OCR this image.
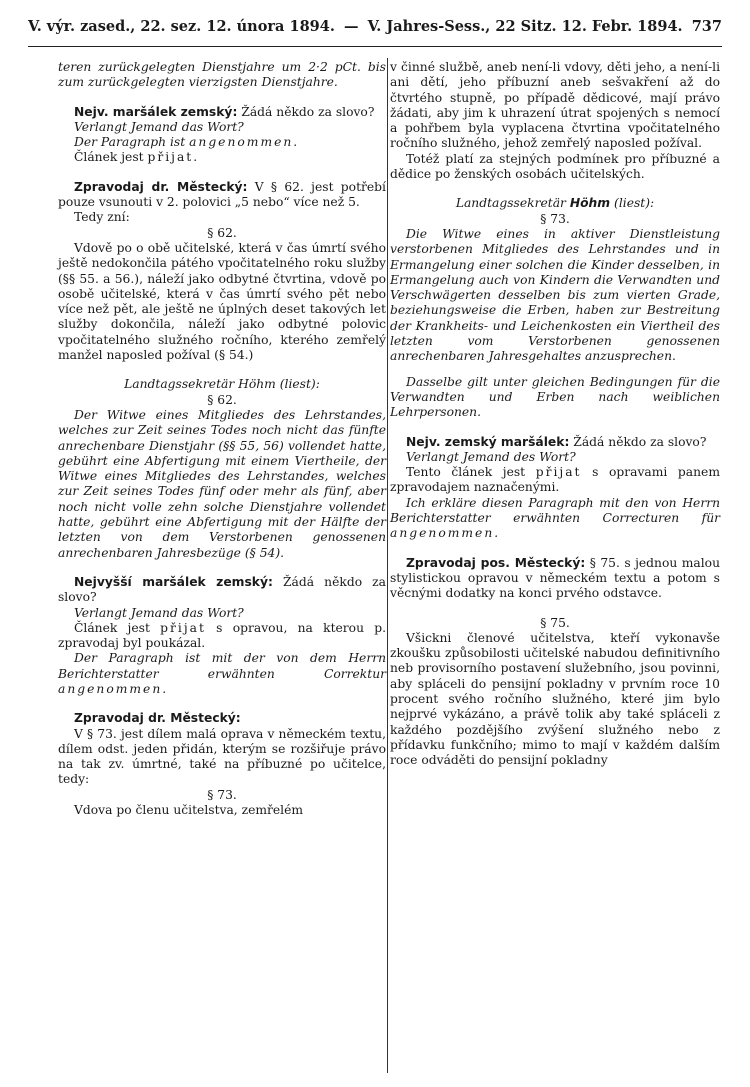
V. výr. zased., 22. sez. 12. února 1894. — V. Jahres-Sess., 22 Sitz. 12. Febr. 1894. 737

teren zurückgelegten Dienstjahre um 2·2 pCt. bis zum zurückgelegten vierzigsten Dienstjahre.

Nejv. maršálek zemský: Žádá někdo za slovo?

Verlangt Jemand das Wort?

Der Paragraph ist angenommen.

Článek jest přijat.

Zpravodaj dr. Městecký: V § 62. jest potřebí pouze vsunouti v 2. polovici „5 nebo“ více než 5.

Tedy zní:

§ 62.

Vdově po o obě učitelské, která v čas úmrtí svého ještě nedokončila pátého vpočitatelného roku služby (§§ 55. a 56.), náleží jako odbytné čtvrtina, vdově po osobě učitelské, která v čas úmrtí svého pět nebo více než pět, ale ještě ne úplných deset takových let služby dokončila, náleží jako odbytné polovic vpočitatelného služného ročního, kterého zemřelý manžel naposled požíval (§ 54.)

Landtagssekretär Höhm (liest):

§ 62.

Der Witwe eines Mitgliedes des Lehrstandes, welches zur Zeit seines Todes noch nicht das fünfte anrechenbare Dienstjahr (§§ 55, 56) vollendet hatte, gebührt eine Abfertigung mit einem Viertheile, der Witwe eines Mitgliedes des Lehrstandes, welches zur Zeit seines Todes fünf oder mehr als fünf, aber noch nicht volle zehn solche Dienstjahre vollendet hatte, gebührt eine Abfertigung mit der Hälfte der letzten von dem Verstorbenen genossenen anrechenbaren Jahresbezüge (§ 54).

Nejvyšší maršálek zemský: Žádá někdo za slovo?

Verlangt Jemand das Wort?

Článek jest přijat s opravou, na kterou p. zpravodaj byl poukázal.

Der Paragraph ist mit der von dem Herrn Berichterstatter erwähnten Correktur angenommen.

Zpravodaj dr. Městecký:

V § 73. jest dílem malá oprava v německém textu, dílem odst. jeden přidán, kterým se rozšiřuje právo na tak zv. úmrtné, také na příbuzné po učitelce, tedy:

§ 73.

Vdova po členu učitelstva, zemřelém

v činné službě, aneb není-li vdovy, děti jeho, a není-li ani dětí, jeho příbuzní aneb sešvakření až do čtvrtého stupně, po případě dědicové, mají právo žádati, aby jim k uhrazení útrat spojených s nemocí a pohřbem byla vyplacena čtvrtina vpočitatelného ročního služného, jehož zemřelý naposled požíval.

Totéž platí za stejných podmínek pro příbuzné a dědice po ženských osobách učitelských.

Landtagssekretär Höhm (liest):

§ 73.

Die Witwe eines in aktiver Dienstleistung verstorbenen Mitgliedes des Lehrstandes und in Ermangelung einer solchen die Kinder desselben, in Ermangelung auch von Kindern die Verwandten und Verschwägerten desselben bis zum vierten Grade, beziehungsweise die Erben, haben zur Bestreitung der Krankheits- und Leichenkosten ein Viertheil des letzten vom Verstorbenen genossenen anrechenbaren Jahresgehaltes anzusprechen.

Dasselbe gilt unter gleichen Bedingungen für die Verwandten und Erben nach weiblichen Lehrpersonen.

Nejv. zemský maršálek: Žádá někdo za slovo?

Verlangt Jemand des Wort?

Tento článek jest přijat s opravami panem zpravodajem naznačenými.

Ich erkläre diesen Paragraph mit den von Herrn Berichterstatter erwähnten Correcturen für angenommen.

Zpravodaj pos. Městecký: § 75. s jednou malou stylistickou opravou v německém textu a potom s věcnými dodatky na konci prvého odstavce.

§ 75.

Všickni členové učitelstva, kteří vykonavše zkoušku způsobilosti učitelské nabudou definitivního neb provisorního postavení služebního, jsou povinni, aby spláceli do pensijní pokladny v prvním roce 10 procent svého ročního služného, které jim bylo nejprvé vykázáno, a právě tolik aby také spláceli z každého pozdějšího zvýšení služného nebo z přídavku funkčního; mimo to mají v každém dalším roce odváděti do pensijní pokladny
